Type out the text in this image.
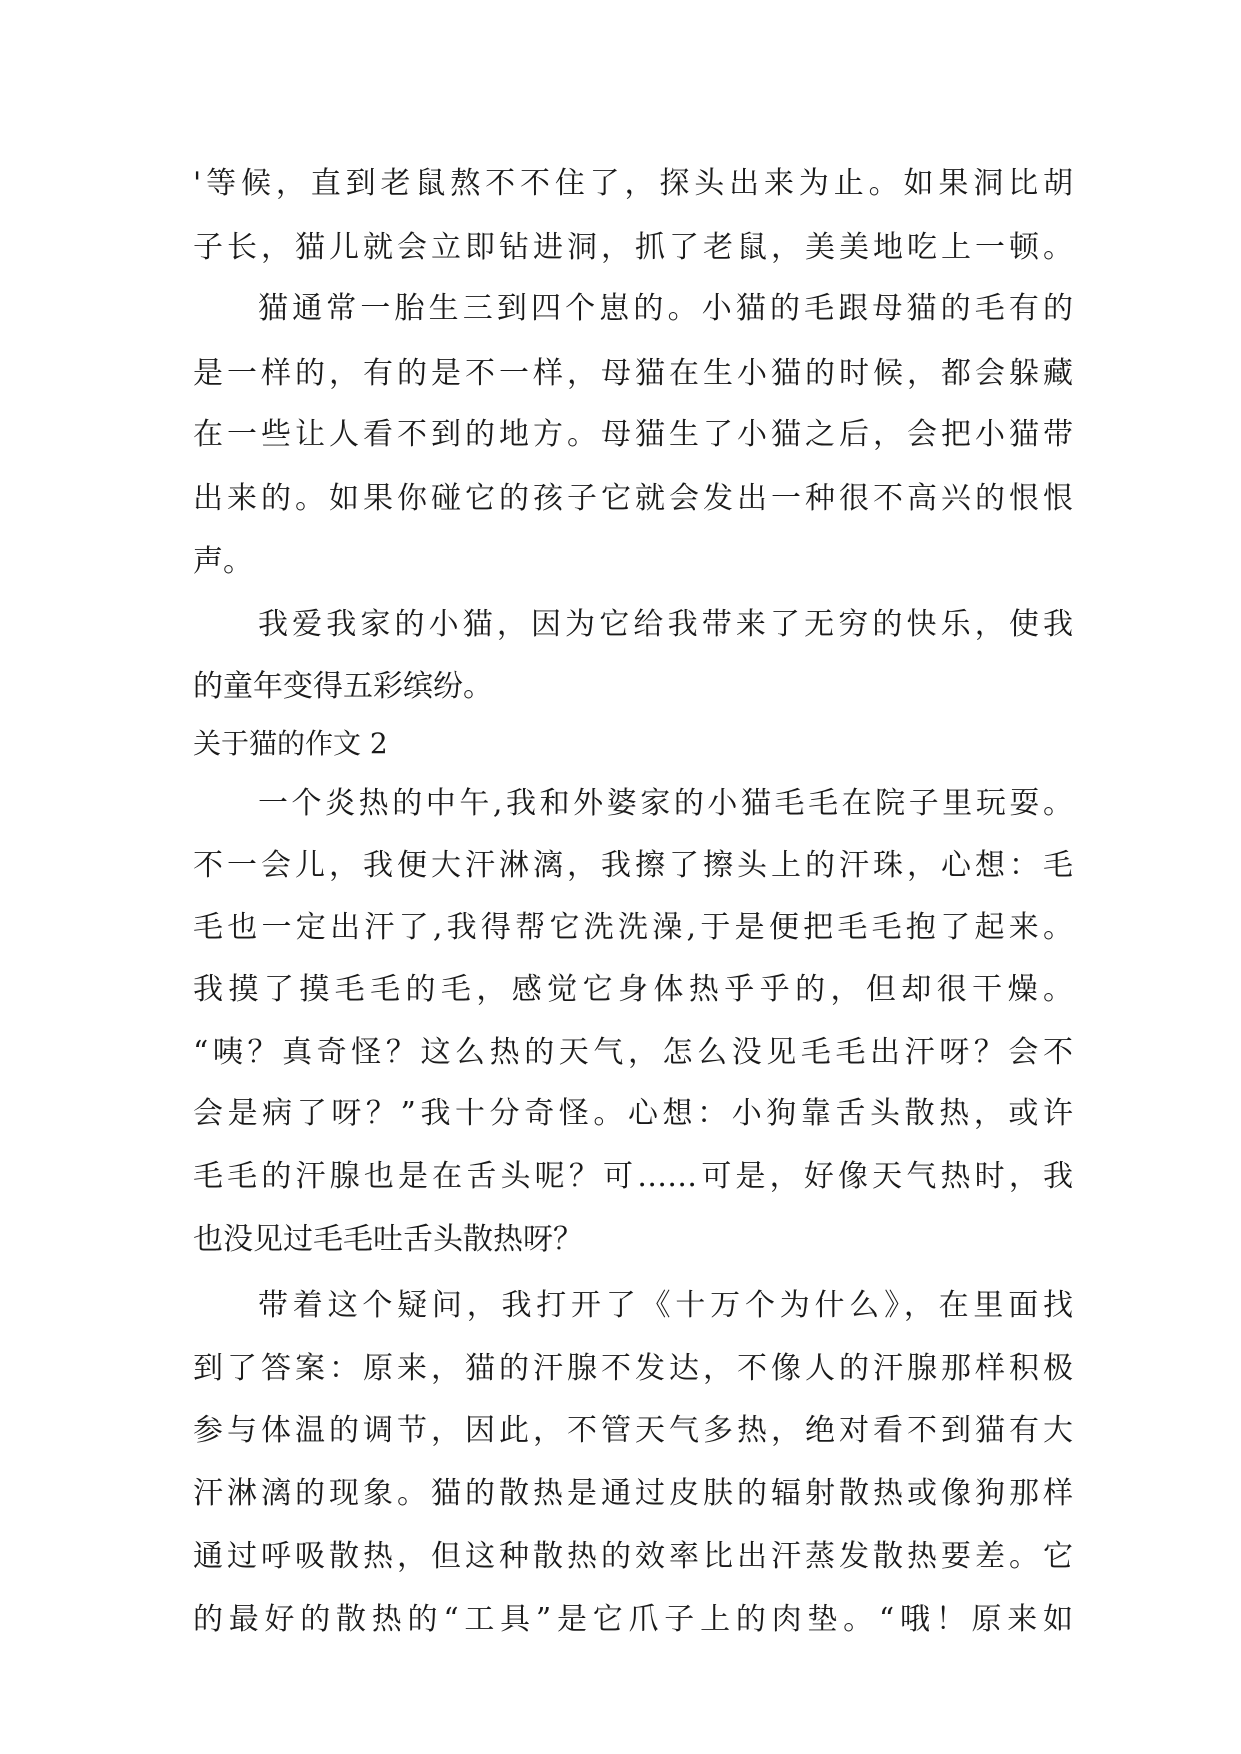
'等候，直到老鼠熬不不住了，探头出来为止。如果洞比胡
子长，猫儿就会立即钻进洞，抓了老鼠，美美地吃上一顿。
猫通常一胎生三到四个崽的。小猫的毛跟母猫的毛有的
是一样的，有的是不一样，母猫在生小猫的时候，都会躲藏
在一些让人看不到的地方。母猫生了小猫之后，会把小猫带
出来的。如果你碰它的孩子它就会发出一种很不高兴的恨恨
声。
我爱我家的小猫，因为它给我带来了无穷的快乐，使我
的童年变得五彩缤纷。
关于猫的作文 2
一个炎热的中午,我和外婆家的小猫毛毛在院子里玩耍。
不一会儿，我便大汗淋漓，我擦了擦头上的汗珠，心想：毛
毛也一定出汗了,我得帮它洗洗澡,于是便把毛毛抱了起来。
我摸了摸毛毛的毛，感觉它身体热乎乎的，但却很干燥。
“咦？真奇怪？这么热的天气，怎么没见毛毛出汗呀？会不
会是病了呀？”我十分奇怪。心想：小狗靠舌头散热，或许
毛毛的汗腺也是在舌头呢？可……可是，好像天气热时，我
也没见过毛毛吐舌头散热呀？
带着这个疑问，我打开了《十万个为什么》，在里面找
到了答案：原来，猫的汗腺不发达，不像人的汗腺那样积极
参与体温的调节，因此，不管天气多热，绝对看不到猫有大
汗淋漓的现象。猫的散热是通过皮肤的辐射散热或像狗那样
通过呼吸散热，但这种散热的效率比出汗蒸发散热要差。它
的最好的散热的“工具”是它爪子上的肉垫。“哦！原来如
